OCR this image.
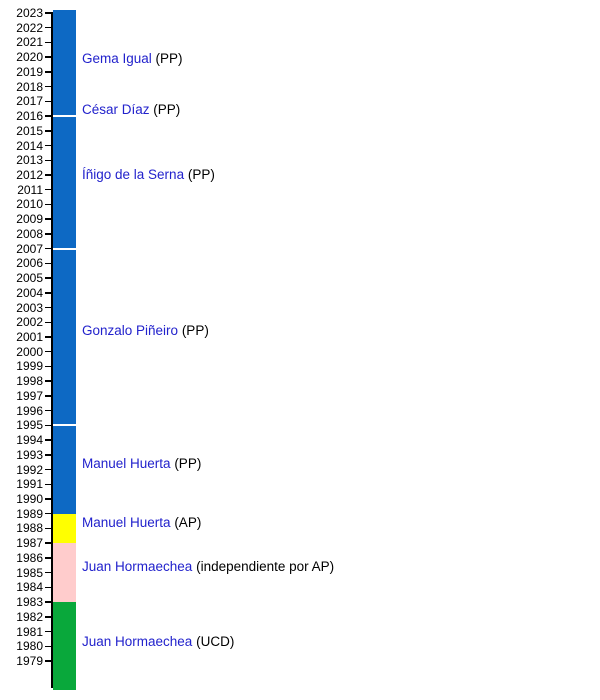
2023
2022
2021
2020
2019
2018
2017
2016
2015
2014
2013
2012
2011
2010
2009
2008
2007
2006
2005
2004
2003
2002
2001
2000
1999
1998
1997
1996
1995
1994
1993
1992
1991
1990
1989
1988
1987
1986
1985
1984
1983
1982
1981
1980
1979
Gema Igual (PP)
César Díaz (PP)
Íñigo de la Serna (PP)
Gonzalo Piñeiro (PP)
Manuel Huerta (PP)
Manuel Huerta (AP)
Juan Hormaechea (independiente por AP)
Juan Hormaechea (UCD)
